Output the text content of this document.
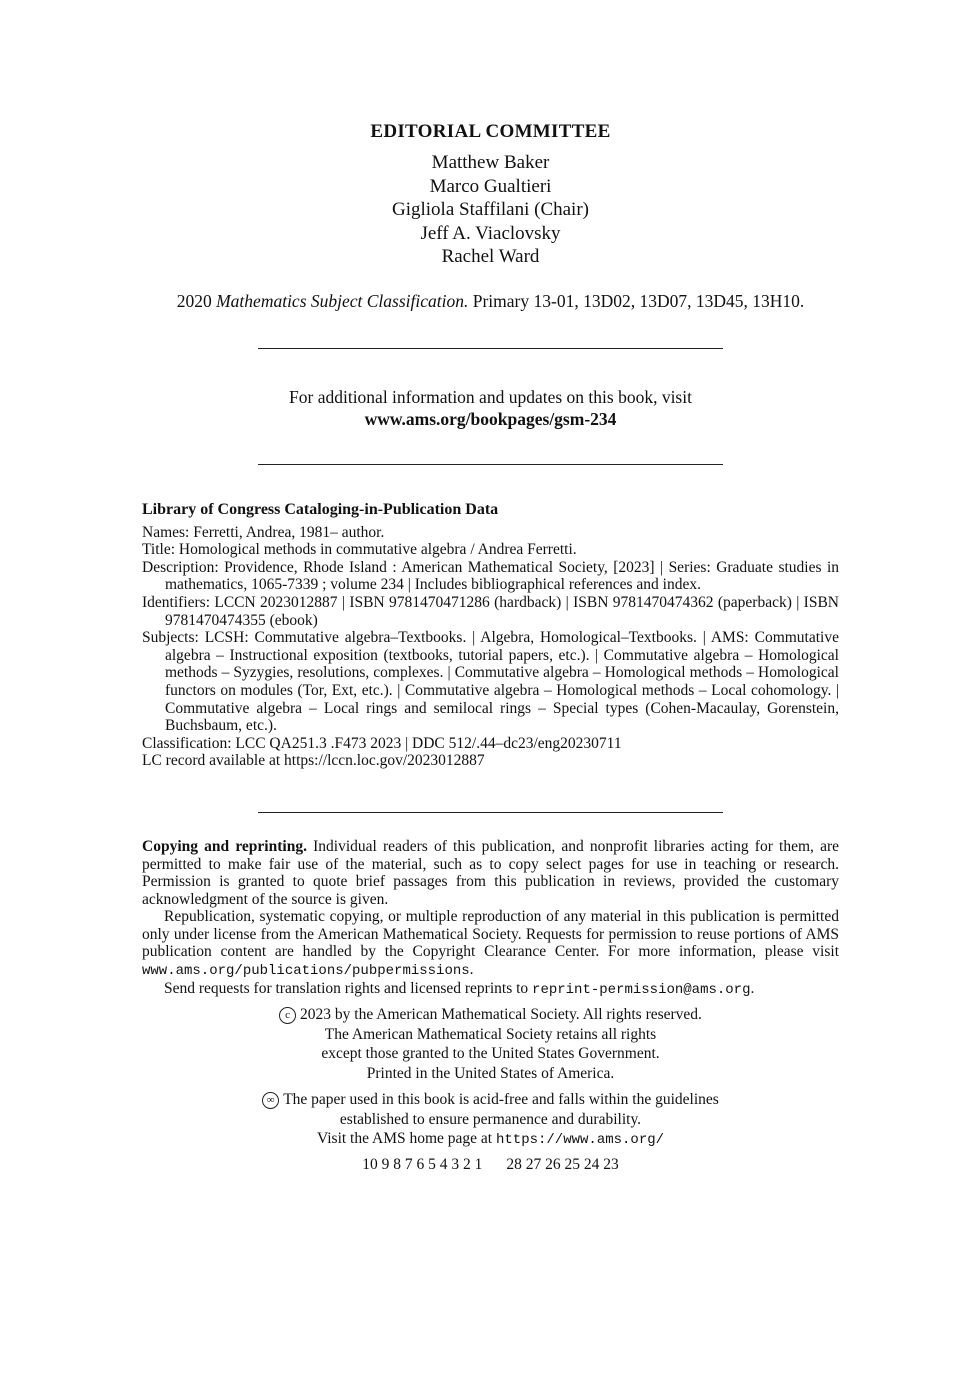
EDITORIAL COMMITTEE
Matthew Baker
Marco Gualtieri
Gigliola Staffilani (Chair)
Jeff A. Viaclovsky
Rachel Ward
2020 Mathematics Subject Classification. Primary 13-01, 13D02, 13D07, 13D45, 13H10.
For additional information and updates on this book, visit
www.ams.org/bookpages/gsm-234
Library of Congress Cataloging-in-Publication Data
Names: Ferretti, Andrea, 1981– author.
Title: Homological methods in commutative algebra / Andrea Ferretti.
Description: Providence, Rhode Island : American Mathematical Society, [2023] | Series: Graduate studies in mathematics, 1065-7339 ; volume 234 | Includes bibliographical references and index.
Identifiers: LCCN 2023012887 | ISBN 9781470471286 (hardback) | ISBN 9781470474362 (paperback) | ISBN 9781470474355 (ebook)
Subjects: LCSH: Commutative algebra–Textbooks. | Algebra, Homological–Textbooks. | AMS: Commutative algebra – Instructional exposition (textbooks, tutorial papers, etc.). | Commutative algebra – Homological methods – Syzygies, resolutions, complexes. | Commutative algebra – Homological methods – Homological functors on modules (Tor, Ext, etc.). | Commutative algebra – Homological methods – Local cohomology. | Commutative algebra – Local rings and semilocal rings – Special types (Cohen-Macaulay, Gorenstein, Buchsbaum, etc.).
Classification: LCC QA251.3 .F473 2023 | DDC 512/.44–dc23/eng20230711
LC record available at https://lccn.loc.gov/2023012887

Copying and reprinting. Individual readers of this publication, and nonprofit libraries acting for them, are permitted to make fair use of the material, such as to copy select pages for use in teaching or research. Permission is granted to quote brief passages from this publication in reviews, provided the customary acknowledgment of the source is given.

Republication, systematic copying, or multiple reproduction of any material in this publication is permitted only under license from the American Mathematical Society. Requests for permission to reuse portions of AMS publication content are handled by the Copyright Clearance Center. For more information, please visit www.ams.org/publications/pubpermissions.

Send requests for translation rights and licensed reprints to reprint-permission@ams.org.

c 2023 by the American Mathematical Society. All rights reserved.
The American Mathematical Society retains all rights
except those granted to the United States Government.
Printed in the United States of America.
∞ The paper used in this book is acid-free and falls within the guidelines
established to ensure permanence and durability.
Visit the AMS home page at https://www.ams.org/
10 9 8 7 6 5 4 3 2 1 28 27 26 25 24 23
